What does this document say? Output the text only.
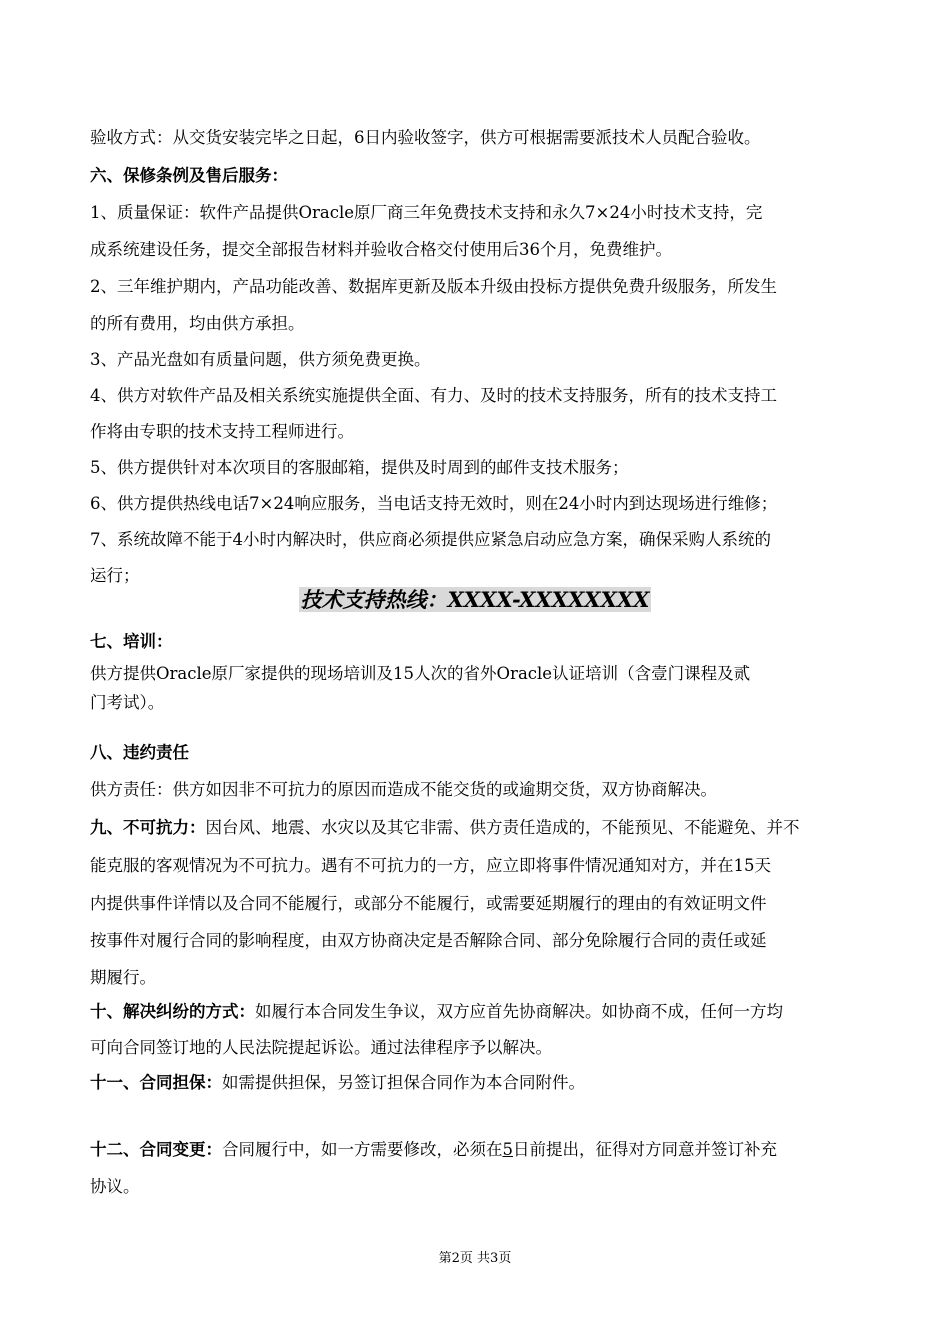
验收方式：从交货安装完毕之日起，6日内验收签字，供方可根据需要派技术人员配合验收。
六、保修条例及售后服务：
1、质量保证：软件产品提供Oracle原厂商三年免费技术支持和永久7×24小时技术支持，完
成系统建设任务，提交全部报告材料并验收合格交付使用后36个月，免费维护。
2、三年维护期内，产品功能改善、数据库更新及版本升级由投标方提供免费升级服务，所发生
的所有费用，均由供方承担。
3、产品光盘如有质量问题，供方须免费更换。
4、供方对软件产品及相关系统实施提供全面、有力、及时的技术支持服务，所有的技术支持工
作将由专职的技术支持工程师进行。
5、供方提供针对本次项目的客服邮箱，提供及时周到的邮件支技术服务；
6、供方提供热线电话7×24响应服务，当电话支持无效时，则在24小时内到达现场进行维修；
7、系统故障不能于4小时内解决时，供应商必须提供应紧急启动应急方案，确保采购人系统的
运行；
技术支持热线：XXXX-XXXXXXXX
七、培训：
供方提供Oracle原厂家提供的现场培训及15人次的省外Oracle认证培训（含壹门课程及贰
门考试）。
八、违约责任
供方责任：供方如因非不可抗力的原因而造成不能交货的或逾期交货，双方协商解决。
九、不可抗力：因台风、地震、水灾以及其它非需、供方责任造成的，不能预见、不能避免、并不
能克服的客观情况为不可抗力。遇有不可抗力的一方，应立即将事件情况通知对方，并在15天
内提供事件详情以及合同不能履行，或部分不能履行，或需要延期履行的理由的有效证明文件
按事件对履行合同的影响程度，由双方协商决定是否解除合同、部分免除履行合同的责任或延
期履行。
十、解决纠纷的方式：如履行本合同发生争议，双方应首先协商解决。如协商不成，任何一方均
可向合同签订地的人民法院提起诉讼。通过法律程序予以解决。
十一、合同担保：如需提供担保，另签订担保合同作为本合同附件。
十二、合同变更：合同履行中，如一方需要修改，必须在5日前提出，征得对方同意并签订补充
协议。
第2页 共3页
